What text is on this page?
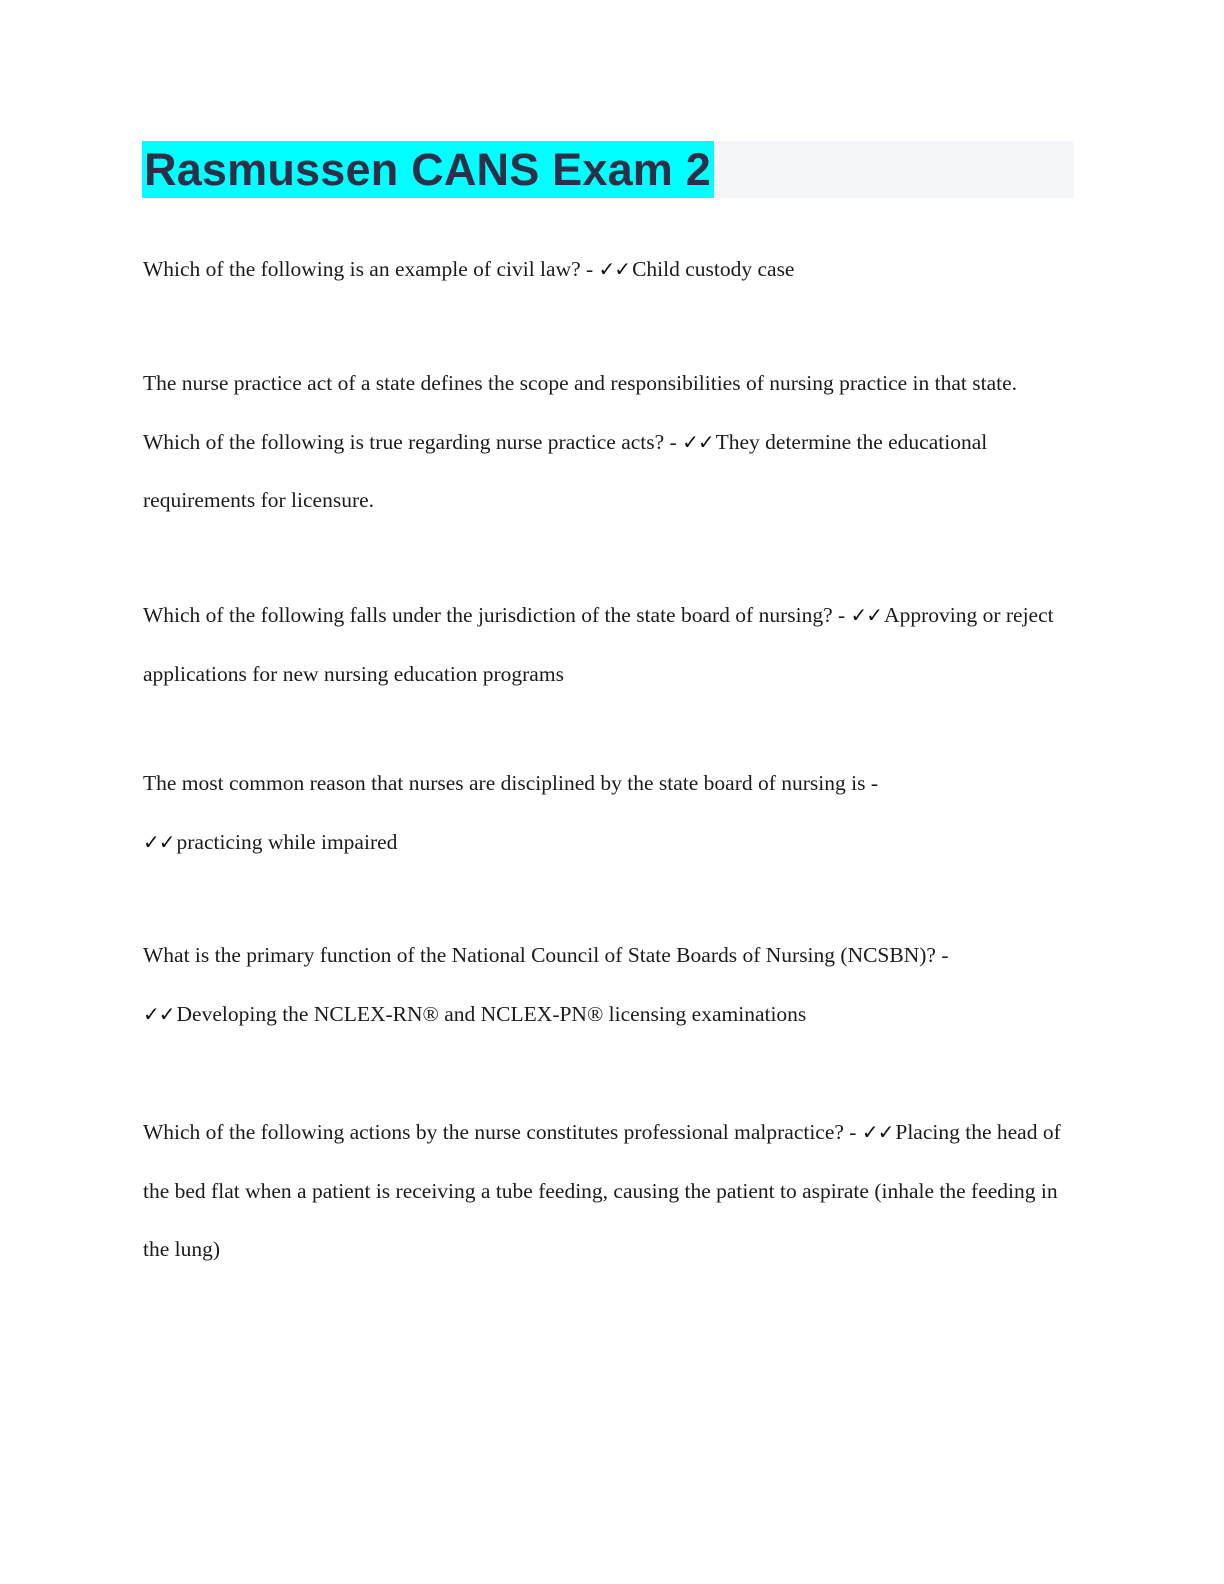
Rasmussen CANS Exam 2

Which of the following is an example of civil law? - ✓✓Child custody case

The nurse practice act of a state defines the scope and responsibilities of nursing practice in that state. Which of the following is true regarding nurse practice acts? - ✓✓They determine the educational requirements for licensure.

Which of the following falls under the jurisdiction of the state board of nursing? - ✓✓Approving or reject applications for new nursing education programs

The most common reason that nurses are disciplined by the state board of nursing is -
✓✓practicing while impaired

What is the primary function of the National Council of State Boards of Nursing (NCSBN)? -
✓✓Developing the NCLEX-RN® and NCLEX-PN® licensing examinations

Which of the following actions by the nurse constitutes professional malpractice? - ✓✓Placing the head of the bed flat when a patient is receiving a tube feeding, causing the patient to aspirate (inhale the feeding in the lung)
